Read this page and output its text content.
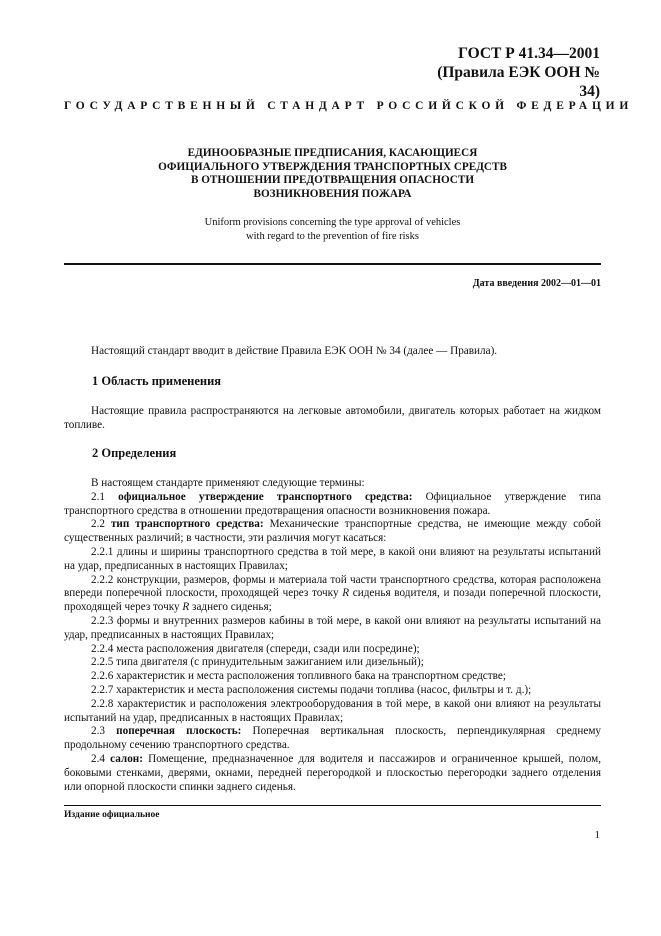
ГОСТ Р 41.34—2001
(Правила ЕЭК ООН № 34)
ГОСУДАРСТВЕННЫЙ СТАНДАРТ РОССИЙСКОЙ ФЕДЕРАЦИИ
ЕДИНООБРАЗНЫЕ ПРЕДПИСАНИЯ, КАСАЮЩИЕСЯ
ОФИЦИАЛЬНОГО УТВЕРЖДЕНИЯ ТРАНСПОРТНЫХ СРЕДСТВ
В ОТНОШЕНИИ ПРЕДОТВРАЩЕНИЯ ОПАСНОСТИ
ВОЗНИКНОВЕНИЯ ПОЖАРА
Uniform provisions concerning the type approval of vehicles
with regard to the prevention of fire risks
Дата введения 2002—01—01

Настоящий стандарт вводит в действие Правила ЕЭК ООН № 34 (далее — Правила).

1 Область применения

Настоящие правила распространяются на легковые автомобили, двигатель которых работает на жидком топливе.

2 Определения

В настоящем стандарте применяют следующие термины:

2.1 официальное утверждение транспортного средства: Официальное утверждение типа транспортного средства в отношении предотвращения опасности возникновения пожара.

2.2 тип транспортного средства: Механические транспортные средства, не имеющие между собой существенных различий; в частности, эти различия могут касаться:

2.2.1 длины и ширины транспортного средства в той мере, в какой они влияют на результаты испытаний на удар, предписанных в настоящих Правилах;

2.2.2 конструкции, размеров, формы и материала той части транспортного средства, которая расположена впереди поперечной плоскости, проходящей через точку R сиденья водителя, и позади поперечной плоскости, проходящей через точку R заднего сиденья;

2.2.3 формы и внутренних размеров кабины в той мере, в какой они влияют на результаты испытаний на удар, предписанных в настоящих Правилах;

2.2.4 места расположения двигателя (спереди, сзади или посредине);

2.2.5 типа двигателя (с принудительным зажиганием или дизельный);

2.2.6 характеристик и места расположения топливного бака на транспортном средстве;

2.2.7 характеристик и места расположения системы подачи топлива (насос, фильтры и т. д.);

2.2.8 характеристик и расположения электрооборудования в той мере, в какой они влияют на результаты испытаний на удар, предписанных в настоящих Правилах;

2.3 поперечная плоскость: Поперечная вертикальная плоскость, перпендикулярная среднему продольному сечению транспортного средства.

2.4 салон: Помещение, предназначенное для водителя и пассажиров и ограниченное крышей, полом, боковыми стенками, дверями, окнами, передней перегородкой и плоскостью перегородки заднего отделения или опорной плоскости спинки заднего сиденья.

Издание официальное
1
